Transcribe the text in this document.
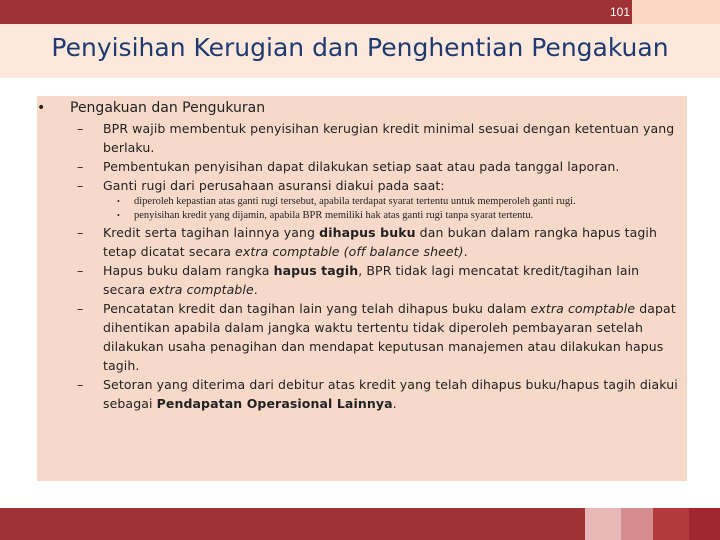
101
Penyisihan Kerugian dan Penghentian Pengakuan
• Pengakuan dan Pengukuran
– BPR wajib membentuk penyisihan kerugian kredit minimal sesuai dengan ketentuan yang berlaku.
– Pembentukan penyisihan dapat dilakukan setiap saat atau pada tanggal laporan.
– Ganti rugi dari perusahaan asuransi diakui pada saat:
• diperoleh kepastian atas ganti rugi tersebut, apabila terdapat syarat tertentu untuk memperoleh ganti rugi.
• penyisihan kredit yang dijamin, apabila BPR memiliki hak atas ganti rugi tanpa syarat tertentu.
– Kredit serta tagihan lainnya yang dihapus buku dan bukan dalam rangka hapus tagih tetap dicatat secara extra comptable (off balance sheet).
– Hapus buku dalam rangka hapus tagih, BPR tidak lagi mencatat kredit/tagihan lain secara extra comptable.
– Pencatatan kredit dan tagihan lain yang telah dihapus buku dalam extra comptable dapat dihentikan apabila dalam jangka waktu tertentu tidak diperoleh pembayaran setelah dilakukan usaha penagihan dan mendapat keputusan manajemen atau dilakukan hapus tagih.
– Setoran yang diterima dari debitur atas kredit yang telah dihapus buku/hapus tagih diakui sebagai Pendapatan Operasional Lainnya.
